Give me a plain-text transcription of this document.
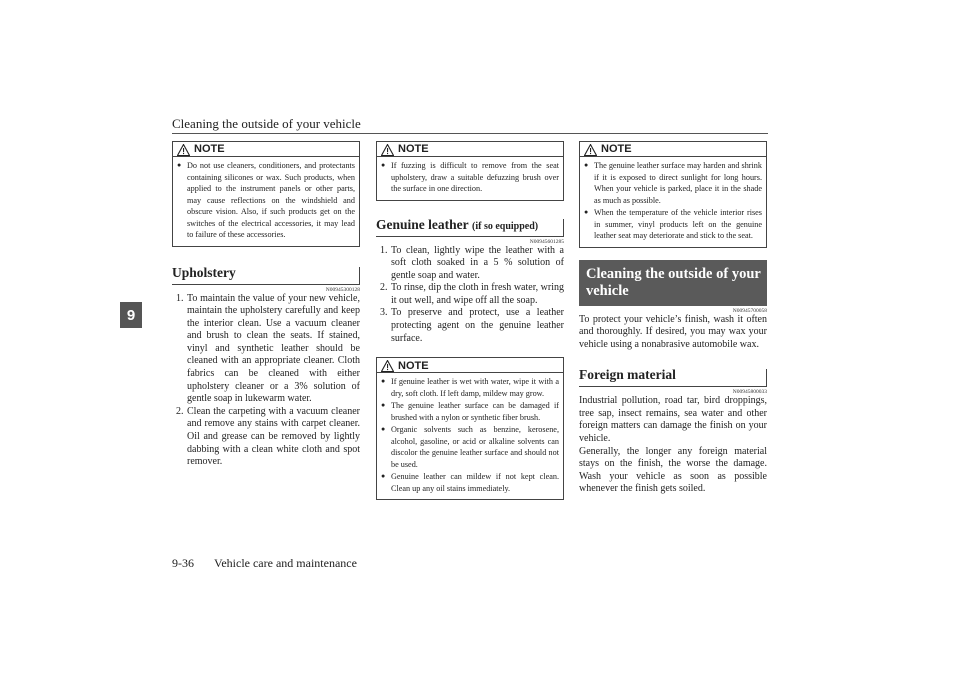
Cleaning the outside of your vehicle
9
NOTE
● Do not use cleaners, conditioners, and protectants containing silicones or wax. Such products, when applied to the instrument panels or other parts, may cause reflections on the windshield and obscure vision. Also, if such products get on the switches of the electrical accessories, it may lead to failure of these accessories.
Upholstery
N00945300128
1. To maintain the value of your new vehicle, maintain the upholstery carefully and keep the interior clean. Use a vacuum cleaner and brush to clean the seats. If stained, vinyl and synthetic leather should be cleaned with an appropriate cleaner. Cloth fabrics can be cleaned with either upholstery cleaner or a 3% solution of gentle soap in lukewarm water.
2. Clean the carpeting with a vacuum cleaner and remove any stains with carpet cleaner. Oil and grease can be removed by lightly dabbing with a clean white cloth and spot remover.
NOTE
● If fuzzing is difficult to remove from the seat upholstery, draw a suitable defuzzing brush over the surface in one direction.
Genuine leather (if so equipped)
N00945601285
1. To clean, lightly wipe the leather with a soft cloth soaked in a 5 % solution of gentle soap and water.
2. To rinse, dip the cloth in fresh water, wring it out well, and wipe off all the soap.
3. To preserve and protect, use a leather protecting agent on the genuine leather surface.
NOTE
● If genuine leather is wet with water, wipe it with a dry, soft cloth. If left damp, mildew may grow.
● The genuine leather surface can be damaged if brushed with a nylon or synthetic fiber brush.
● Organic solvents such as benzine, kerosene, alcohol, gasoline, or acid or alkaline solvents can discolor the genuine leather surface and should not be used.
● Genuine leather can mildew if not kept clean. Clean up any oil stains immediately.
NOTE
● The genuine leather surface may harden and shrink if it is exposed to direct sunlight for long hours. When your vehicle is parked, place it in the shade as much as possible.
● When the temperature of the vehicle interior rises in summer, vinyl products left on the genuine leather seat may deteriorate and stick to the seat.
Cleaning the outside of your vehicle
N00945700058
To protect your vehicle’s finish, wash it often and thoroughly. If desired, you may wax your vehicle using a nonabrasive automobile wax.
Foreign material
N00945800033
Industrial pollution, road tar, bird droppings, tree sap, insect remains, sea water and other foreign matters can damage the finish on your vehicle.
Generally, the longer any foreign material stays on the finish, the worse the damage. Wash your vehicle as soon as possible whenever the finish gets soiled.
9-36 Vehicle care and maintenance
